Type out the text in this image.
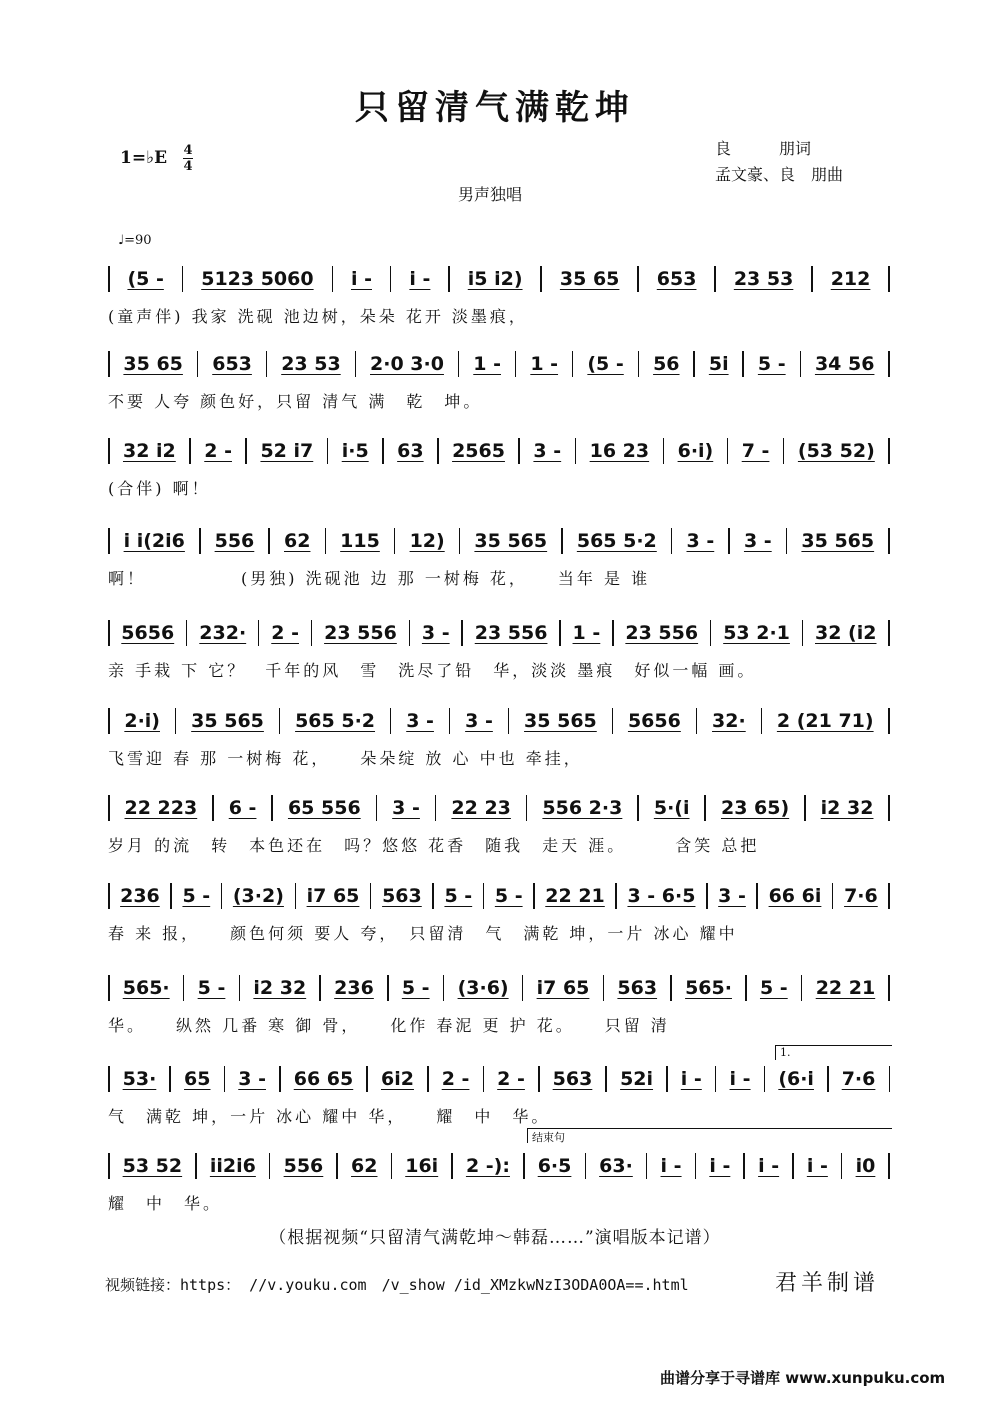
只留清气满乾坤
1=♭E 4
4
良　　　朋词
孟文豪、良　朋曲
男声独唱
♩=90
(5 - 5123 5060 i - i - i5 i2) 35 65 653 23 53 212
(童声伴) 我家 洗砚 池边树，朵朵 花开 淡墨痕，
35 65 653 23 53 2·0 3·0 1 - 1 - (5 - 56 5i 5 - 34 56
不要 人夸 颜色好，只留 清气 满　乾　坤。
32 i2 2 - 52 i7 i·5 63 2565 3 - 16 23 6·i) 7 - (53 52)
(合伴) 啊！
i i(2i6 556 62 115 12) 35 565 565 5·2 3 - 3 - 35 565
啊！　　　　　(男独) 洗砚池 边 那 一树梅 花，　　当年 是 谁
5656 232· 2 - 23 556 3 - 23 556 1 - 23 556 53 2·1 32 (i2
亲 手栽 下 它？　千年的风　雪　洗尽了铅　华，淡淡 墨痕　好似一幅 画。
2·i) 35 565 565 5·2 3 - 3 - 35 565 5656 32· 2 (21 71)
飞雪迎 春 那 一树梅 花，　　朵朵绽 放 心 中也 牵挂，
22 223 6 - 65 556 3 - 22 23 556 2·3 5·(i 23 65) i2 32
岁月 的流　转　本色还在　吗？悠悠 花香　随我　走天 涯。　　　含笑 总把
236 5 - (3·2) i7 65 563 5 - 5 - 22 21 3 - 6·5 3 - 66 6i 7·6
春 来 报，　　颜色何须 要人 夸，　只留清　气　满乾 坤，一片 冰心 耀中
565· 5 - i2 32 236 5 - (3·6) i7 65 563 565· 5 - 22 21
华。　　纵然 几番 寒 御 骨，　　化作 春泥 更 护 花。　　只留 清
53· 65 3 - 66 65 6i2 2 - 2 - 563 52i i - i - (6·i 7·6
气　满乾 坤，一片 冰心 耀中 华，　　耀　中　华。
53 52 ii2i6 556 62 16i 2 -): 6·5 63· i - i - i - i - i0
耀　中　华。
1.
结束句
（根据视频“只留清气满乾坤～韩磊……”演唱版本记谱）
视频链接：https： //v.youku.com　/v_show /id_XMzkwNzI3ODA0OA==.html	君羊制谱
曲谱分享于寻谱库 www.xunpuku.com
